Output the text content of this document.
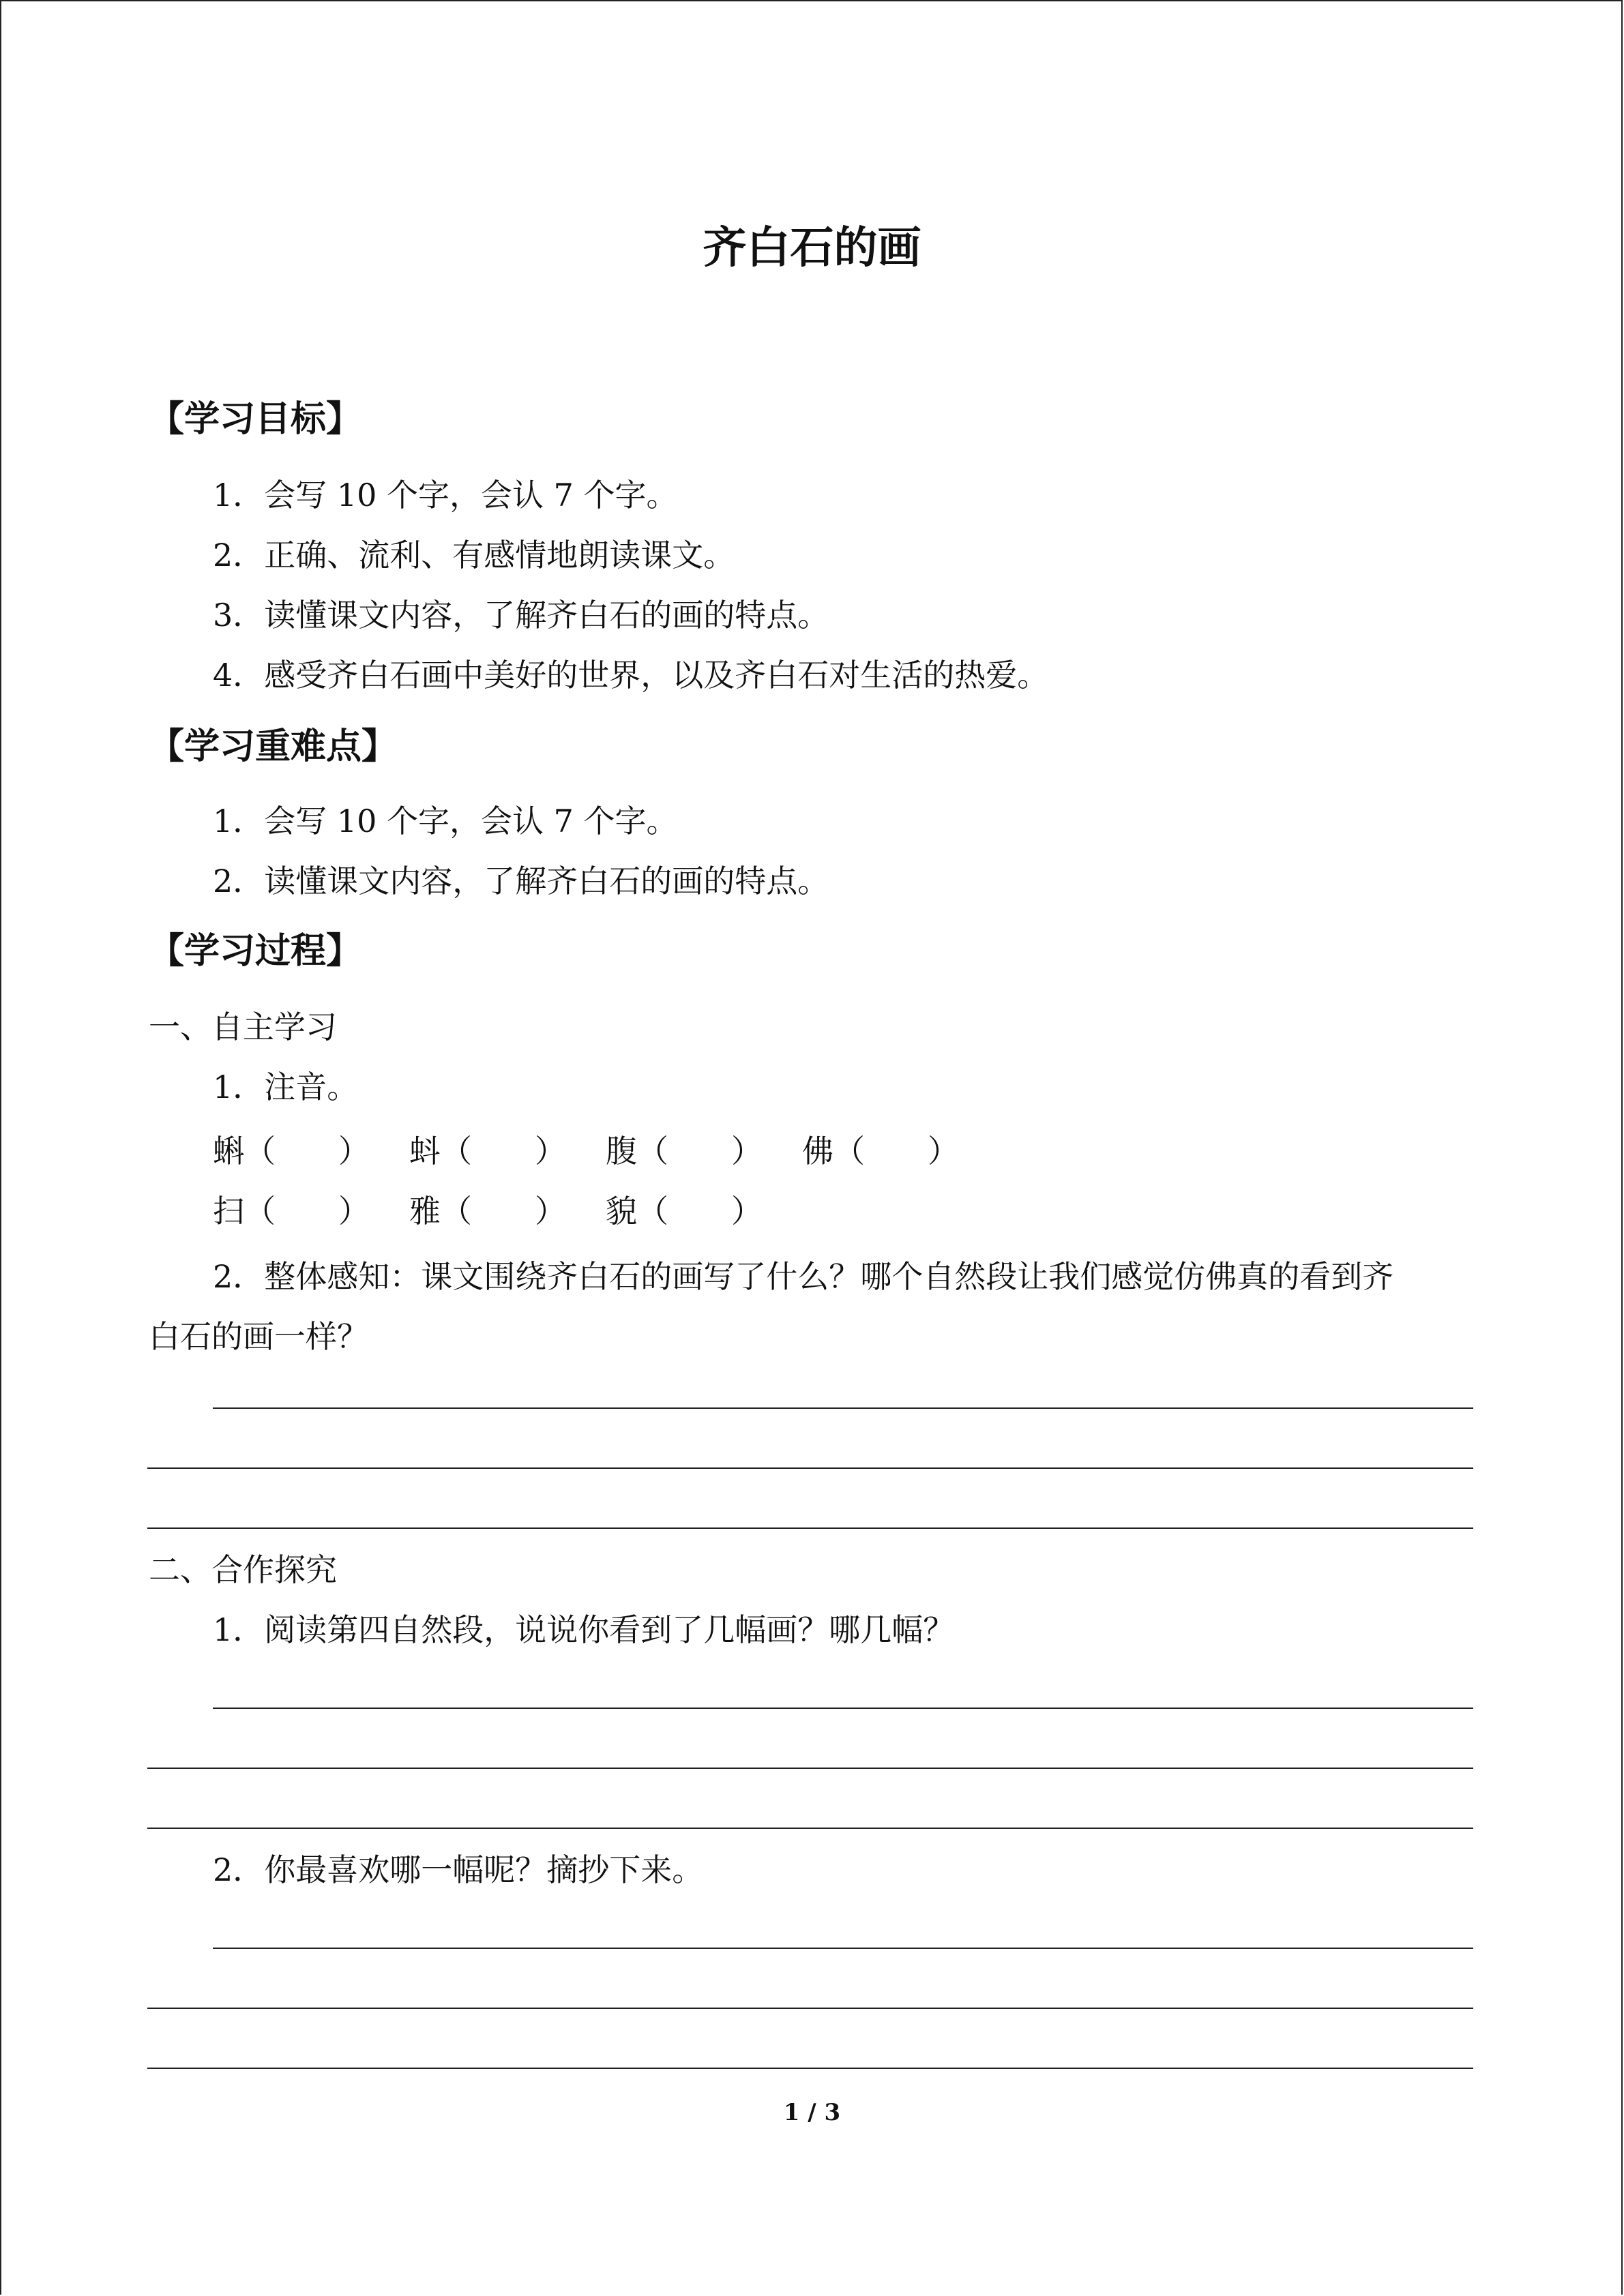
齐白石的画
【学习目标】
1．会写 10 个字，会认 7 个字。
2．正确、流利、有感情地朗读课文。
3．读懂课文内容，了解齐白石的画的特点。
4．感受齐白石画中美好的世界，以及齐白石对生活的热爱。
【学习重难点】
1．会写 10 个字，会认 7 个字。
2．读懂课文内容，了解齐白石的画的特点。
【学习过程】
一、自主学习
1．注音。
蝌（　　）	蚪（　　）	腹（　　）	佛（　　）
扫（　　）	雅（　　）	貌（　　）
2．整体感知：课文围绕齐白石的画写了什么？哪个自然段让我们感觉仿佛真的看到齐白石的画一样？
二、合作探究
1．阅读第四自然段，说说你看到了几幅画？哪几幅？
2．你最喜欢哪一幅呢？摘抄下来。
1 / 3
